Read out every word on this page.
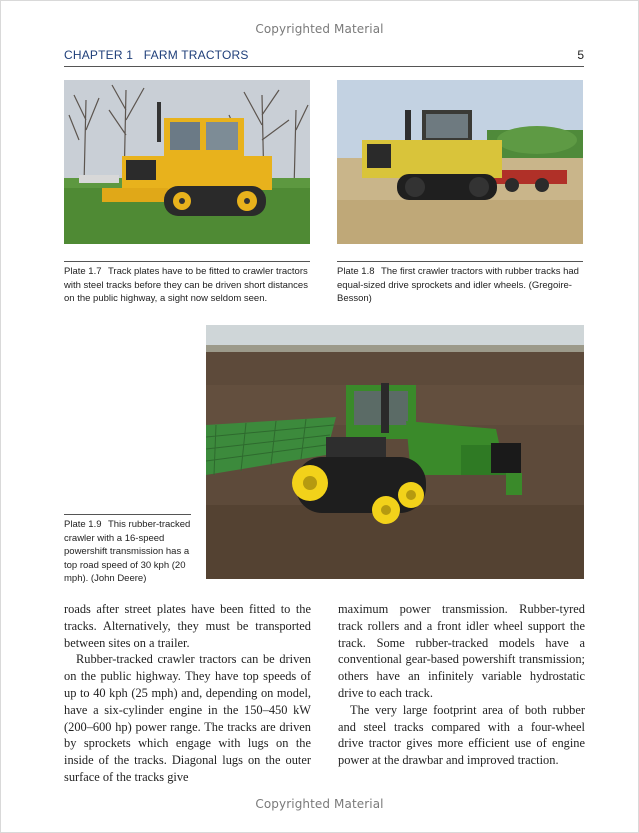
Copyrighted Material
CHAPTER 1 FARM TRACTORS	5
Plate 1.7 Track plates have to be fitted to crawler tractors with steel tracks before they can be driven short distances on the public highway, a sight now seldom seen.
Plate 1.8 The first crawler tractors with rubber tracks had equal-sized drive sprockets and idler wheels. (Gregoire-Besson)
Plate 1.9 This rubber-tracked crawler with a 16-speed powershift transmission has a top road speed of 30 kph (20 mph). (John Deere)

roads after street plates have been fitted to the tracks. Alternatively, they must be transported between sites on a trailer.

Rubber-tracked crawler tractors can be driven on the public highway. They have top speeds of up to 40 kph (25 mph) and, depending on model, have a six-cylinder engine in the 150–450 kW (200–600 hp) power range. The tracks are driven by sprockets which engage with lugs on the inside of the tracks. Diagonal lugs on the outer surface of the tracks give

maximum power transmission. Rubber-tyred track rollers and a front idler wheel support the track. Some rubber-tracked models have a conventional gear-based powershift transmission; others have an infinitely variable hydrostatic drive to each track.

The very large footprint area of both rubber and steel tracks compared with a four-wheel drive tractor gives more efficient use of engine power at the drawbar and improved traction.

Copyrighted Material
